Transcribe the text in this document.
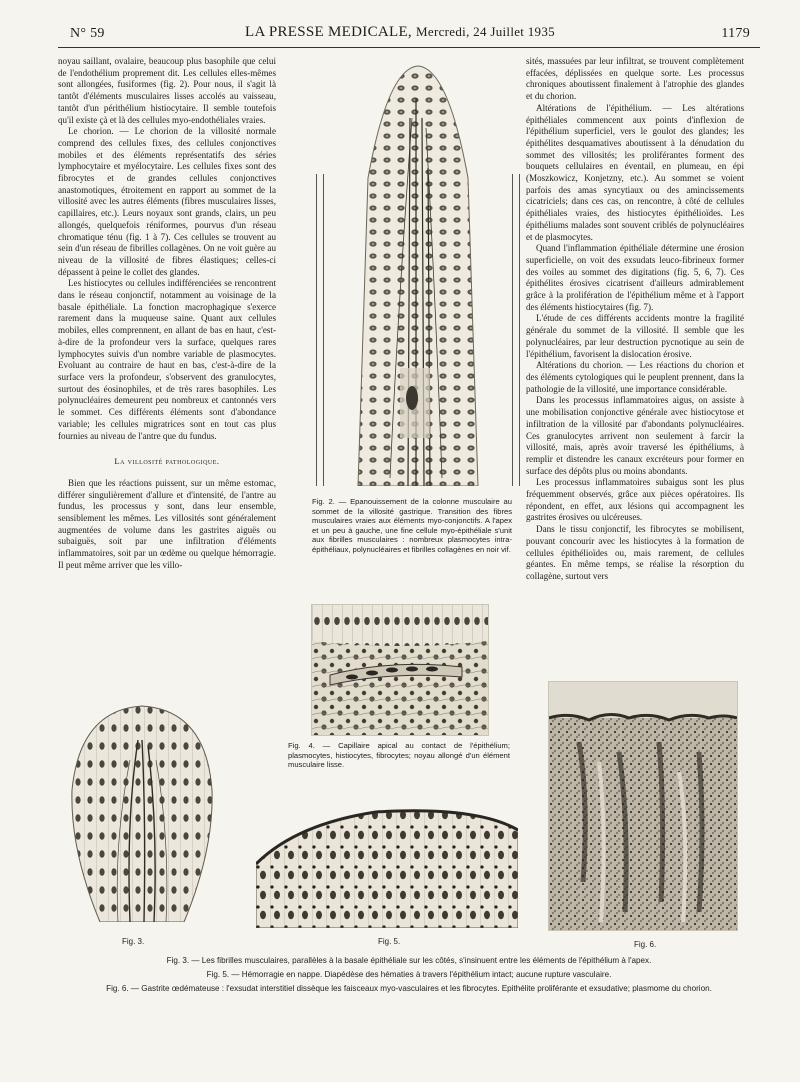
N° 59	LA PRESSE MEDICALE, Mercredi, 24 Juillet 1935	1179

noyau saillant, ovalaire, beaucoup plus basophile que celui de l'endothélium proprement dit. Les cellules elles-mêmes sont allongées, fusiformes (fig. 2). Pour nous, il s'agit là tantôt d'éléments musculaires lisses accolés au vaisseau, tantôt d'un périthélium histiocytaire. Il semble toutefois qu'il existe çà et là des cellules myo-endothéliales vraies.

Le chorion. — Le chorion de la villosité normale comprend des cellules fixes, des cellules conjonctives mobiles et des éléments représentatifs des séries lymphocytaire et myélocytaire. Les cellules fixes sont des fibrocytes et de grandes cellules conjonctives anastomotiques, étroitement en rapport au sommet de la villosité avec les autres éléments (fibres musculaires lisses, capillaires, etc.). Leurs noyaux sont grands, clairs, un peu allongés, quelquefois réniformes, pourvus d'un réseau chromatique ténu (fig. 1 à 7). Ces cellules se trouvent au sein d'un réseau de fibrilles collagènes. On ne voit guère au niveau de la villosité de fibres élastiques; celles-ci dépassent à peine le collet des glandes.

Les histiocytes ou cellules indifférenciées se rencontrent dans le réseau conjonctif, notamment au voisinage de la basale épithéliale. La fonction macrophagique s'exerce rarement dans la muqueuse saine. Quant aux cellules mobiles, elles comprennent, en allant de bas en haut, c'est-à-dire de la profondeur vers la surface, quelques rares lymphocytes suivis d'un nombre variable de plasmocytes. Evoluant au contraire de haut en bas, c'est-à-dire de la surface vers la profondeur, s'observent des granulocytes, surtout des éosinophiles, et de très rares basophiles. Les polynucléaires demeurent peu nombreux et cantonnés vers le sommet. Ces différents éléments sont d'abondance variable; les cellules migratrices sont en tout cas plus fournies au niveau de l'antre que du fundus.

La villosité pathologique.

Bien que les réactions puissent, sur un même estomac, différer singulièrement d'allure et d'intensité, de l'antre au fundus, les processus y sont, dans leur ensemble, sensiblement les mêmes. Les villosités sont généralement augmentées de volume dans les gastrites aiguës ou subaiguës, soit par une infiltration d'éléments inflammatoires, soit par un œdème ou quelque hémorragie. Il peut même arriver que les villo-

Fig. 2. — Epanouissement de la colonne musculaire au sommet de la villosité gastrique. Transition des fibres musculaires vraies aux éléments myo-conjonctifs. A l'apex et un peu à gauche, une fine cellule myo-épithéliale s'unit aux fibrilles musculaires : nombreux plasmocytes intra-épithéliaux, polynucléaires et fibrilles collagènes en noir vif.
Fig. 4. — Capillaire apical au contact de l'épithélium; plasmocytes, histiocytes, fibrocytes; noyau allongé d'un élément musculaire lisse.

sités, massuées par leur infiltrat, se trouvent complètement effacées, déplissées en quelque sorte. Les processus chroniques aboutissent finalement à l'atrophie des glandes et du chorion.

Altérations de l'épithélium. — Les altérations épithéliales commencent aux points d'inflexion de l'épithélium superficiel, vers le goulot des glandes; les épithélites desquamatives aboutissent à la dénudation du sommet des villosités; les proliférantes forment des bouquets cellulaires en éventail, en plumeau, en épi (Moszkowicz, Konjetzny, etc.). Au sommet se voient parfois des amas syncytiaux ou des amincissements cicatriciels; dans ces cas, on rencontre, à côté de cellules épithéliales vraies, des histiocytes épithélioïdes. Les épithéliums malades sont souvent criblés de polynucléaires et de plasmocytes.

Quand l'inflammation épithéliale détermine une érosion superficielle, on voit des exsudats leuco-fibrineux former des voiles au sommet des digitations (fig. 5, 6, 7). Ces épithélites érosives cicatrisent d'ailleurs admirablement grâce à la prolifération de l'épithélium même et à l'apport des éléments histiocytaires (fig. 7).

L'étude de ces différents accidents montre la fragilité générale du sommet de la villosité. Il semble que les polynucléaires, par leur destruction pycnotique au sein de l'épithélium, favorisent la dislocation érosive.

Altérations du chorion. — Les réactions du chorion et des éléments cytologiques qui le peuplent prennent, dans la pathologie de la villosité, une importance considérable.

Dans les processus inflammatoires aigus, on assiste à une mobilisation conjonctive générale avec histiocytose et infiltration de la villosité par d'abondants polynucléaires. Ces granulocytes arrivent non seulement à farcir la villosité, mais, après avoir traversé les épithéliums, à remplir et distendre les canaux excréteurs pour former en surface des dépôts plus ou moins abondants.

Les processus inflammatoires subaigus sont les plus fréquemment observés, grâce aux pièces opératoires. Ils répondent, en effet, aux lésions qui accompagnent les gastrites érosives ou ulcéreuses.

Dans le tissu conjonctif, les fibrocytes se mobilisent, pouvant concourir avec les histiocytes à la formation de cellules épithélioïdes ou, mais rarement, de cellules géantes. En même temps, se réalise la résorption du collagène, surtout vers

Fig. 3.	Fig. 5.	Fig. 6.
Fig. 3. — Les fibrilles musculaires, parallèles à la basale épithéliale sur les côtés, s'insinuent entre les éléments de l'épithélium à l'apex.
Fig. 5. — Hémorragie en nappe. Diapédèse des hématies à travers l'épithélium intact; aucune rupture vasculaire.
Fig. 6. — Gastrite œdémateuse : l'exsudat interstitiel dissèque les faisceaux myo-vasculaires et les fibrocytes. Epithélite proliférante et exsudative; plasmome du chorion.
